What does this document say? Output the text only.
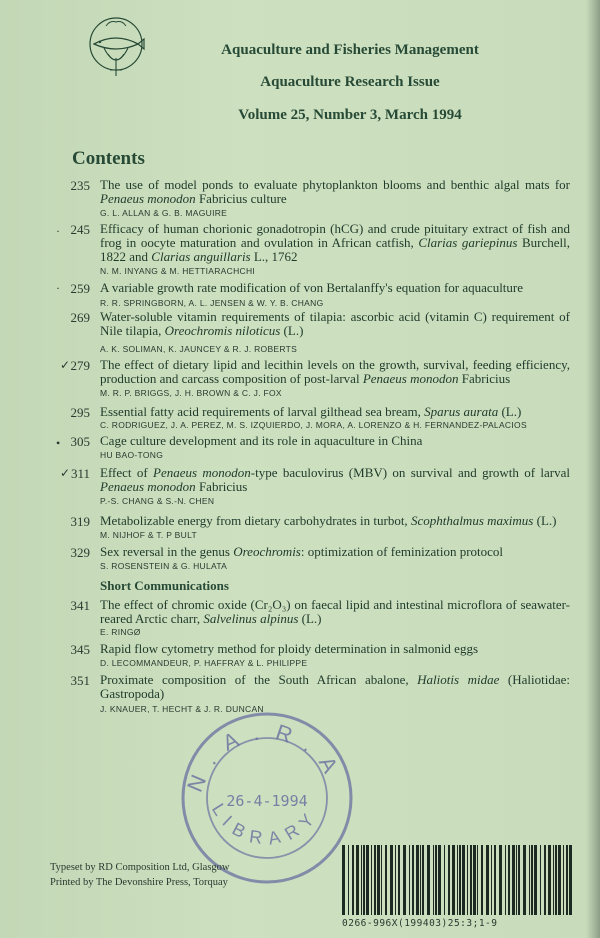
Aquaculture and Fisheries Management
Aquaculture Research Issue
Volume 25, Number 3, March 1994
Contents
235 The use of model ponds to evaluate phytoplankton blooms and benthic algal mats for Penaeus monodon Fabricius culture
G. L. ALLAN & G. B. MAGUIRE
245 Efficacy of human chorionic gonadotropin (hCG) and crude pituitary extract of fish and frog in oocyte maturation and ovulation in African catfish, Clarias gariepinus Burchell, 1822 and Clarias anguillaris L., 1762
N. M. INYANG & M. HETTIARACHCHI
259 A variable growth rate modification of von Bertalanffy's equation for aquaculture
R. R. SPRINGBORN, A. L. JENSEN & W. Y. B. CHANG
269 Water-soluble vitamin requirements of tilapia: ascorbic acid (vitamin C) requirement of Nile tilapia, Oreochromis niloticus (L.)
A. K. SOLIMAN, K. JAUNCEY & R. J. ROBERTS
279 The effect of dietary lipid and lecithin levels on the growth, survival, feeding efficiency, production and carcass composition of post-larval Penaeus monodon Fabricius
M. R. P. BRIGGS, J. H. BROWN & C. J. FOX
295 Essential fatty acid requirements of larval gilthead sea bream, Sparus aurata (L.)
C. RODRIGUEZ, J. A. PEREZ, M. S. IZQUIERDO, J. MORA, A. LORENZO & H. FERNANDEZ-PALACIOS
305 Cage culture development and its role in aquaculture in China
HU BAO-TONG
311 Effect of Penaeus monodon-type baculovirus (MBV) on survival and growth of larval Penaeus monodon Fabricius
P.-S. CHANG & S.-N. CHEN
319 Metabolizable energy from dietary carbohydrates in turbot, Scophthalmus maximus (L.)
M. NIJHOF & T. P BULT
329 Sex reversal in the genus Oreochromis: optimization of feminization protocol
S. ROSENSTEIN & G. HULATA
341 The effect of chromic oxide (Cr₂O₃) on faecal lipid and intestinal microflora of seawater-reared Arctic charr, Salvelinus alpinus (L.)
E. RINGØ
345 Rapid flow cytometry method for ploidy determination in salmonid eggs
D. LECOMMANDEUR, P. HAFFRAY & L. PHILIPPE
351 Proximate composition of the South African abalone, Haliotis midae (Haliotidae: Gastropoda)
J. KNAUER, T. HECHT & J. R. DUNCAN
·
•
✓
✓
·
Short Communications
N.A.R.A
LIBRARY
26-4-1994
Typeset by RD Composition Ltd, Glasgow
Printed by The Devonshire Press, Torquay
0266-996X(199403)25:3;1-9
